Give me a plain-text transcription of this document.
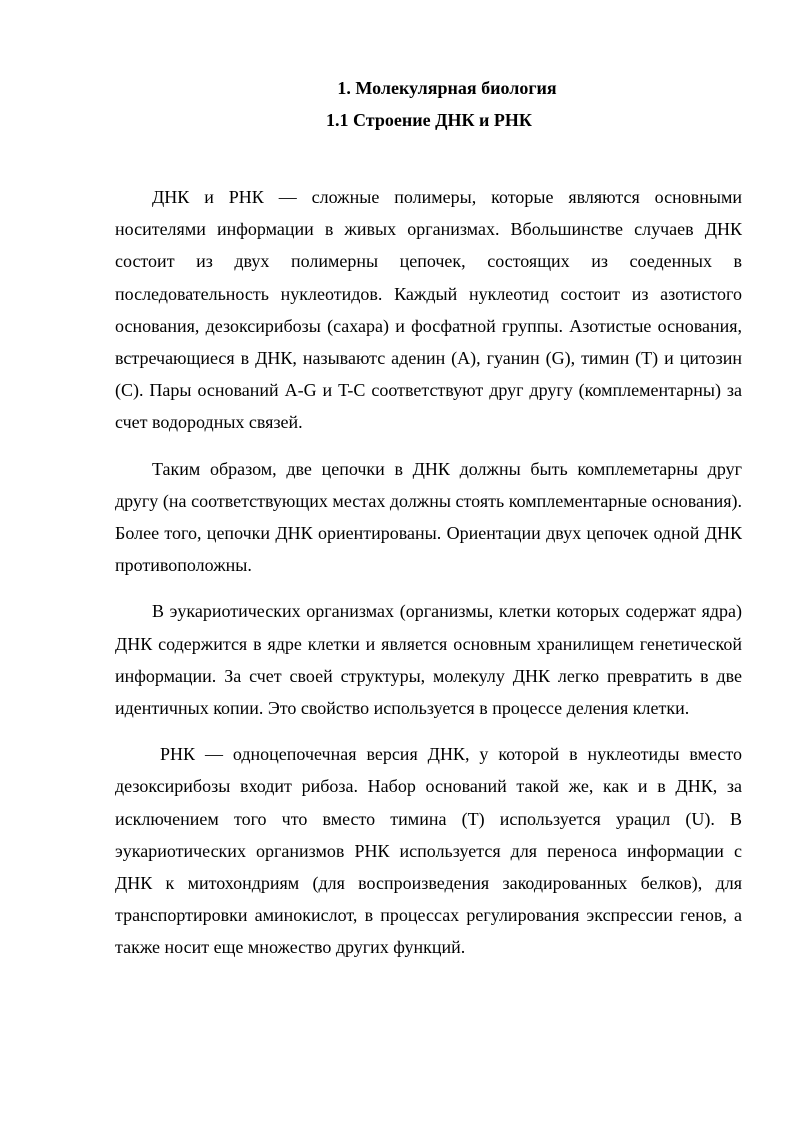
1. Молекулярная биология
1.1 Строение ДНК и РНК

ДНК и РНК — сложные полимеры, которые являются основными носителями информации в живых организмах. Вбольшинстве случаев ДНК состоит из двух полимерны цепочек, состоящих из соеденных в последовательность нуклеотидов. Каждый нуклеотид состоит из азотистого основания, дезоксирибозы (сахара) и фосфатной группы. Азотистые основания, встречающиеся в ДНК, называютс аденин (A), гуанин (G), тимин (T) и цитозин (C). Пары оснований A-G и T-C соответствуют друг другу (комплементарны) за счет водородных связей.

Таким образом, две цепочки в ДНК должны быть комплеметарны друг другу (на соответствующих местах должны стоять комплементарные основания). Более того, цепочки ДНК ориентированы. Ориентации двух цепочек одной ДНК противоположны.

В эукариотических организмах (организмы, клетки которых содержат ядра) ДНК содержится в ядре клетки и является основным хранилищем генетической информации. За счет своей структуры, молекулу ДНК легко превратить в две идентичных копии. Это свойство используется в процессе деления клетки.

РНК — одноцепочечная версия ДНК, у которой в нуклеотиды вместо дезоксирибозы входит рибоза. Набор оснований такой же, как и в ДНК, за исключением того что вместо тимина (T) используется урацил (U). В эукариотических организмов РНК используется для переноса информации с ДНК к митохондриям (для воспроизведения закодированных белков), для транспортировки аминокислот, в процессах регулирования экспрессии генов, а также носит еще множество других функций.
